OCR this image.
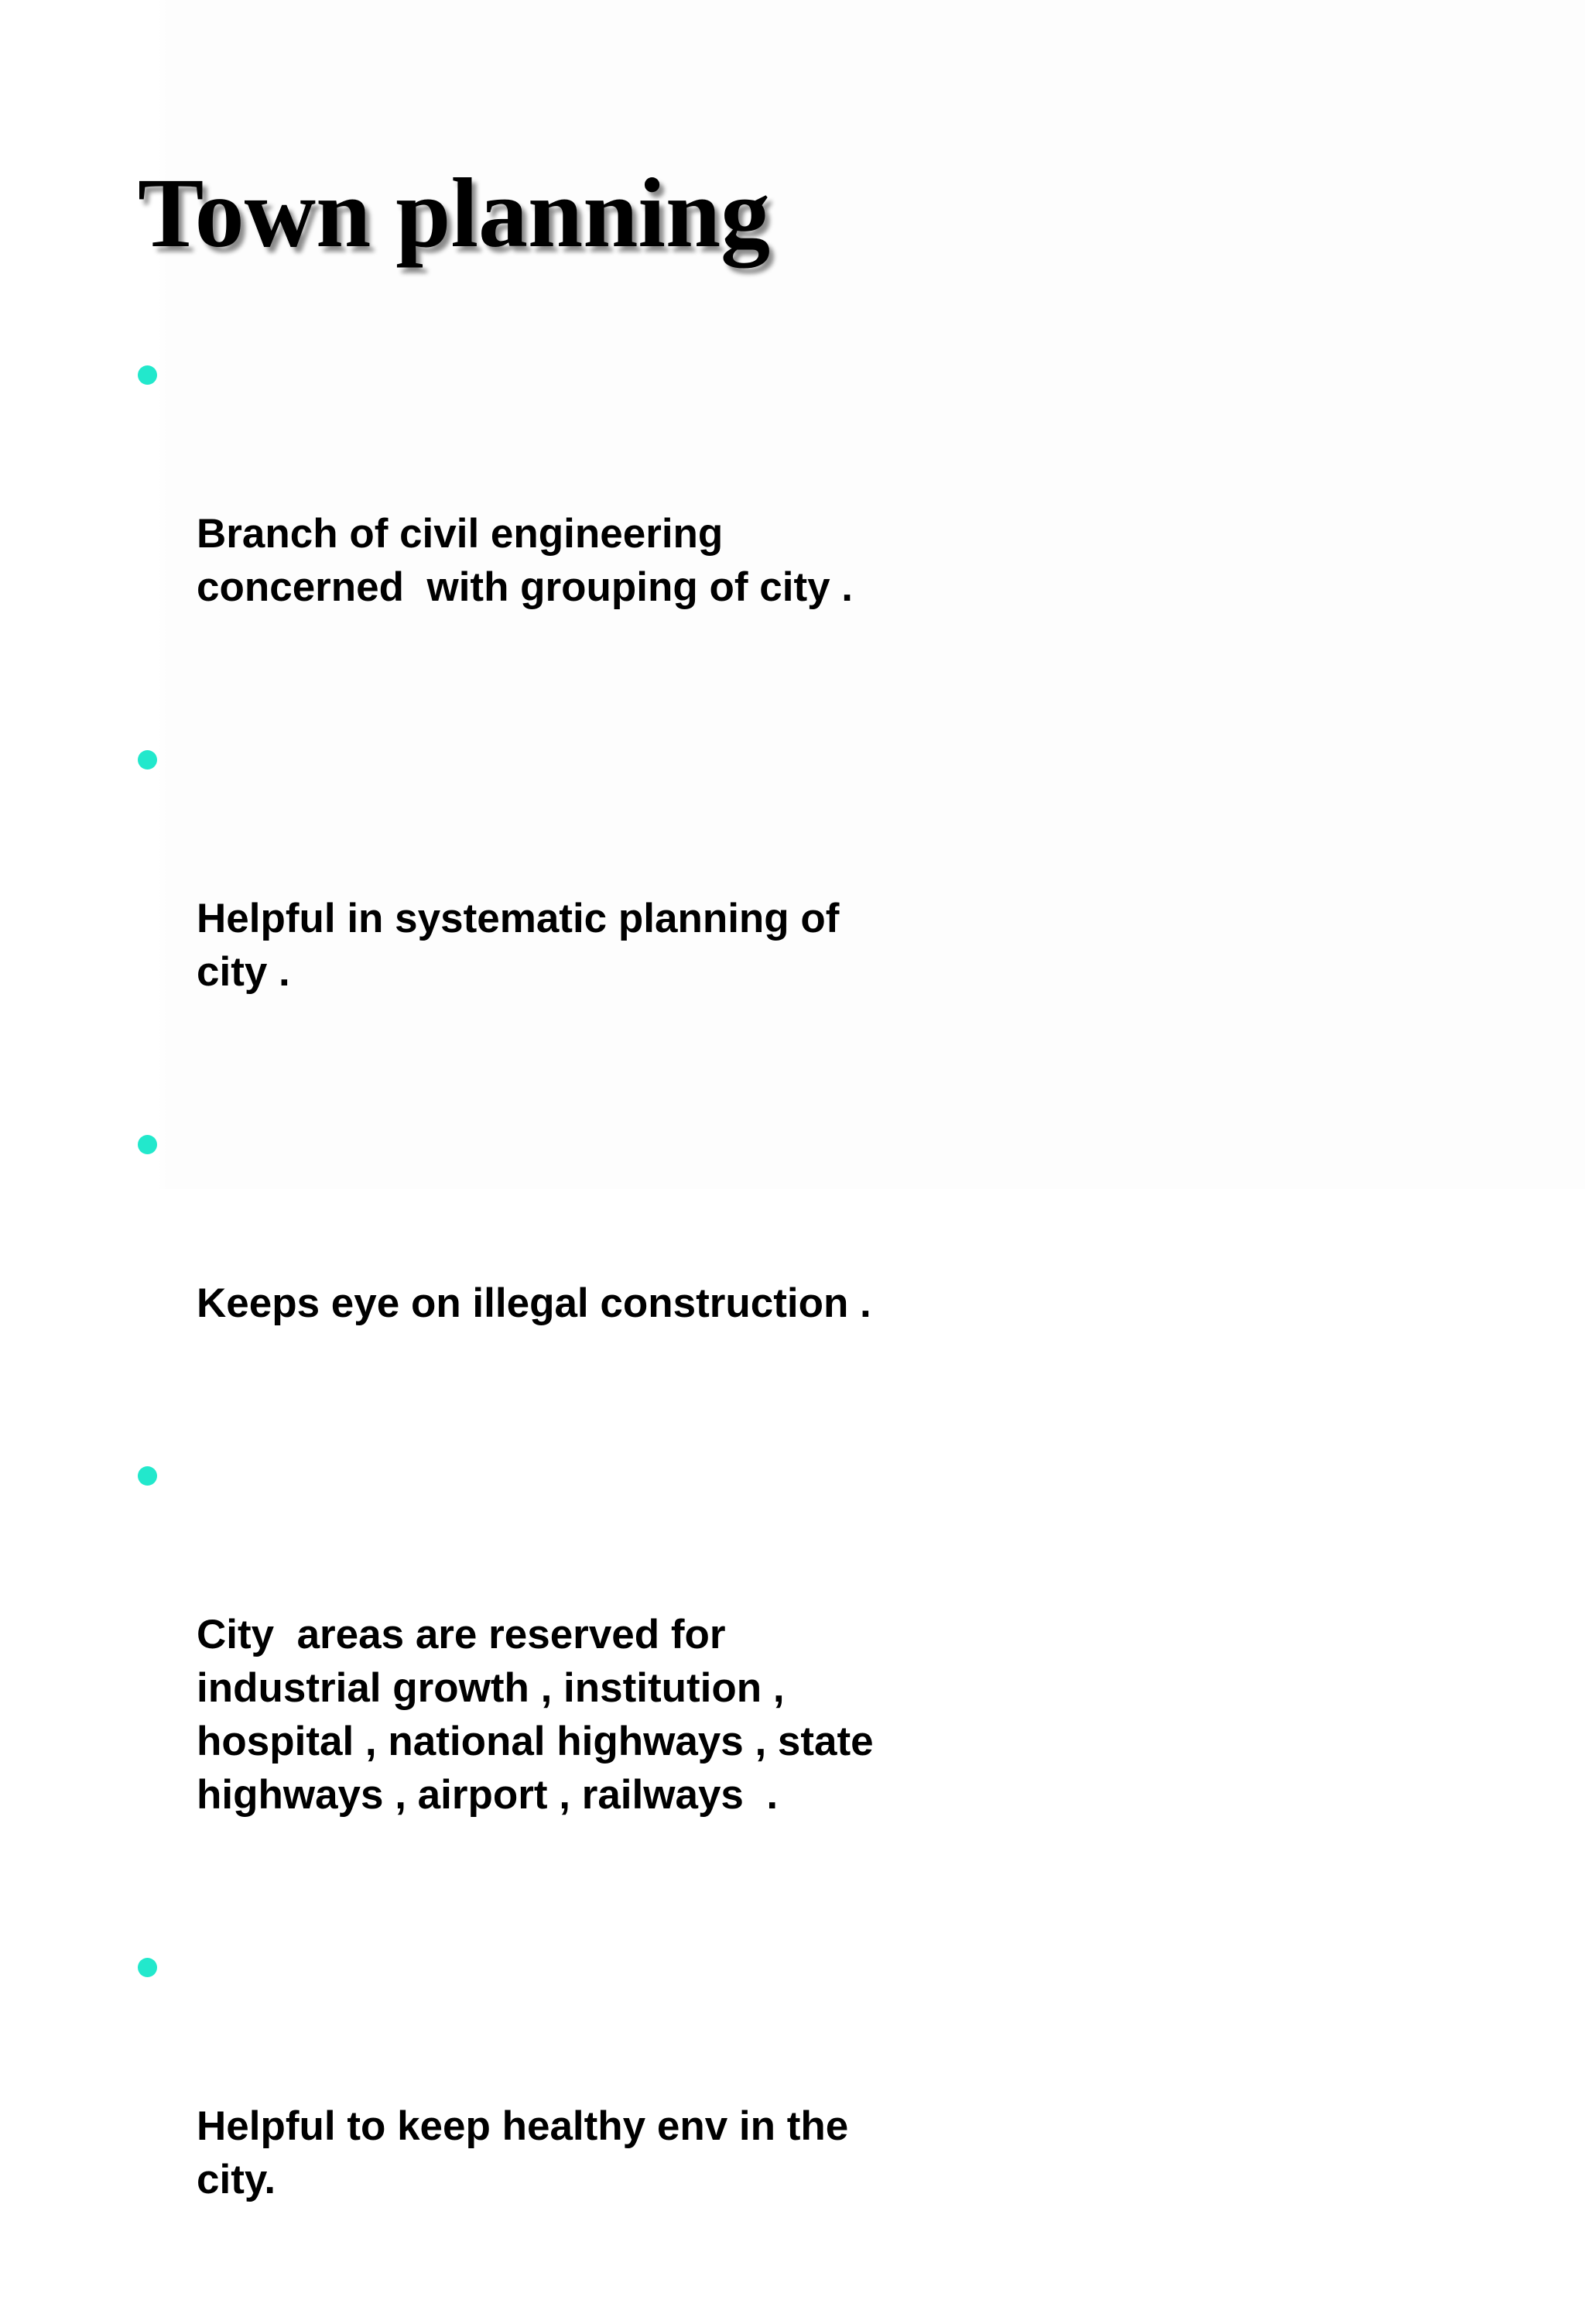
Town planning

Branch of civil engineering
concerned  with grouping of city .

Helpful in systematic planning of
city .

Keeps eye on illegal construction .

City  areas are reserved for
industrial growth , institution ,
hospital , national highways , state
highways , airport , railways  .

Helpful to keep healthy env in the
city.
